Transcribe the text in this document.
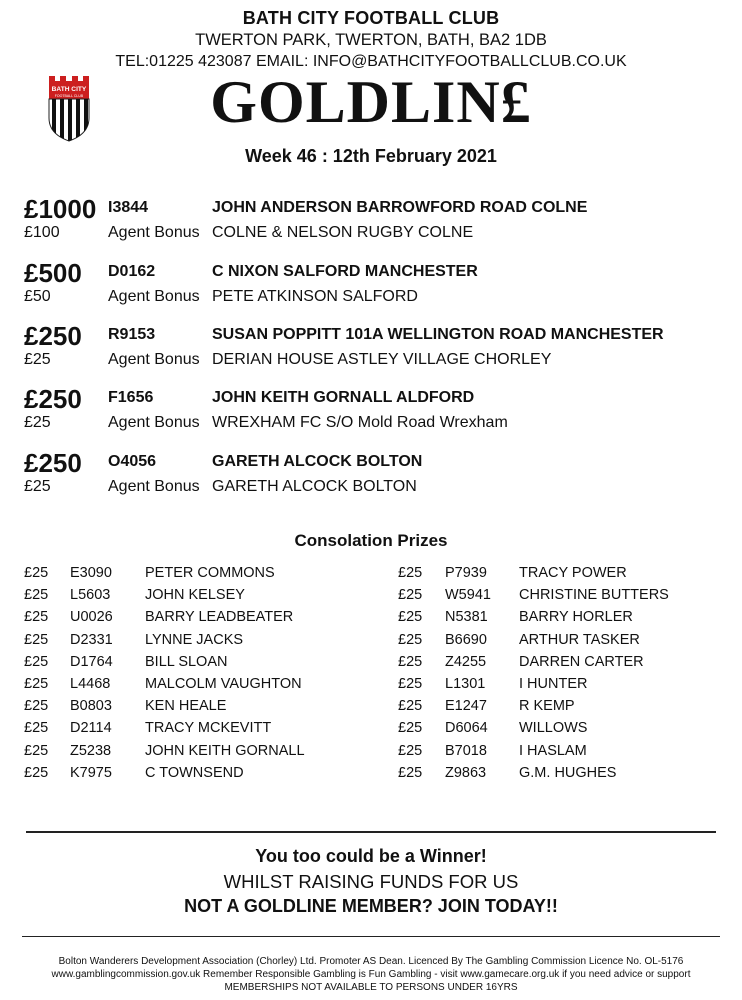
BATH CITY FOOTBALL CLUB
TWERTON PARK, TWERTON, BATH, BA2 1DB
TEL:01225 423087 EMAIL: INFO@BATHCITYFOOTBALLCLUB.CO.UK
BATH CITY
FOOTBALL CLUB	GOLDLIN£
Week 46 : 12th February 2021
£1000 I3844	JOHN ANDERSON BARROWFORD ROAD COLNE
£100	Agent Bonus COLNE & NELSON RUGBY COLNE
£500 D0162	C NIXON SALFORD MANCHESTER
£50	Agent Bonus PETE ATKINSON SALFORD
£250 R9153	SUSAN POPPITT 101A WELLINGTON ROAD MANCHESTER
£25	Agent Bonus DERIAN HOUSE ASTLEY VILLAGE CHORLEY
£250 F1656	JOHN KEITH GORNALL ALDFORD
£25	Agent Bonus WREXHAM FC S/O Mold Road Wrexham
£250 O4056	GARETH ALCOCK BOLTON
£25	Agent Bonus GARETH ALCOCK BOLTON
Consolation Prizes
£25 E3090 PETER COMMONS
£25 L5603 JOHN KELSEY
£25 U0026 BARRY LEADBEATER
£25 D2331 LYNNE JACKS
£25 D1764 BILL SLOAN
£25 L4468 MALCOLM VAUGHTON
£25 B0803 KEN HEALE
£25 D2114 TRACY MCKEVITT
£25 Z5238 JOHN KEITH GORNALL
£25 K7975 C TOWNSEND
£25 P7939 TRACY POWER
£25 W5941 CHRISTINE BUTTERS
£25 N5381 BARRY HORLER
£25 B6690 ARTHUR TASKER
£25 Z4255 DARREN CARTER
£25 L1301 I HUNTER
£25 E1247 R KEMP
£25 D6064 WILLOWS
£25 B7018 I HASLAM
£25 Z9863 G.M. HUGHES
You too could be a Winner!
WHILST RAISING FUNDS FOR US
NOT A GOLDLINE MEMBER? JOIN TODAY!!
Bolton Wanderers Development Association (Chorley) Ltd. Promoter AS Dean. Licenced By The Gambling Commission Licence No. OL-5176
www.gamblingcommission.gov.uk Remember Responsible Gambling is Fun Gambling - visit www.gamecare.org.uk if you need advice or support
MEMBERSHIPS NOT AVAILABLE TO PERSONS UNDER 16YRS
